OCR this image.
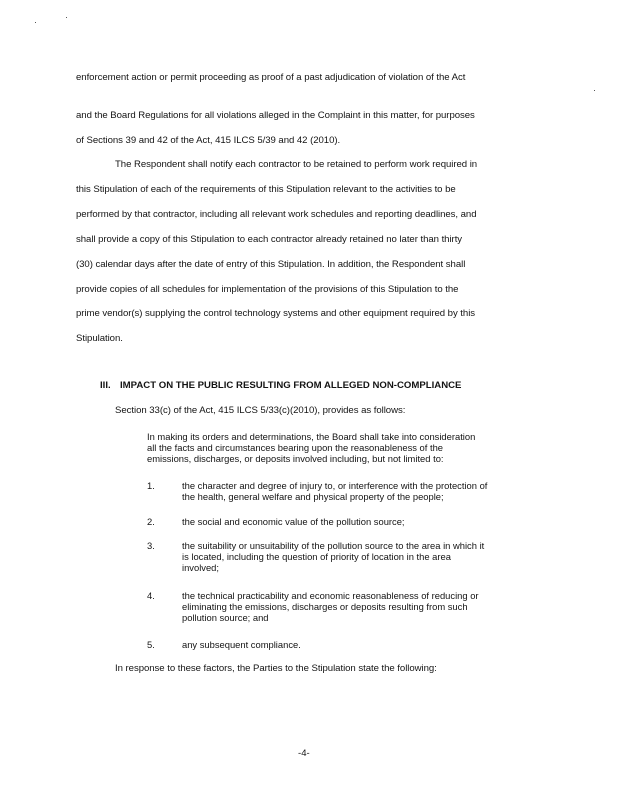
enforcement action or permit proceeding as proof of a past adjudication of violation of the Act
and the Board Regulations for all violations alleged in the Complaint in this matter, for purposes
of Sections 39 and 42 of the Act, 415 ILCS 5/39 and 42 (2010).
The Respondent shall notify each contractor to be retained to perform work required in
this Stipulation of each of the requirements of this Stipulation relevant to the activities to be
performed by that contractor, including all relevant work schedules and reporting deadlines, and
shall provide a copy of this Stipulation to each contractor already retained no later than thirty
(30) calendar days after the date of entry of this Stipulation. In addition, the Respondent shall
provide copies of all schedules for implementation of the provisions of this Stipulation to the
prime vendor(s) supplying the control technology systems and other equipment required by this
Stipulation.
III. IMPACT ON THE PUBLIC RESULTING FROM ALLEGED NON-COMPLIANCE
Section 33(c) of the Act, 415 ILCS 5/33(c)(2010), provides as follows:
In making its orders and determinations, the Board shall take into consideration
all the facts and circumstances bearing upon the reasonableness of the
emissions, discharges, or deposits involved including, but not limited to:
1.	the character and degree of injury to, or interference with the protection of
the health, general welfare and physical property of the people;
2.	the social and economic value of the pollution source;
3.	the suitability or unsuitability of the pollution source to the area in which it
is located, including the question of priority of location in the area
involved;
4.	the technical practicability and economic reasonableness of reducing or
eliminating the emissions, discharges or deposits resulting from such
pollution source; and
5.	any subsequent compliance.
In response to these factors, the Parties to the Stipulation state the following:
-4-
